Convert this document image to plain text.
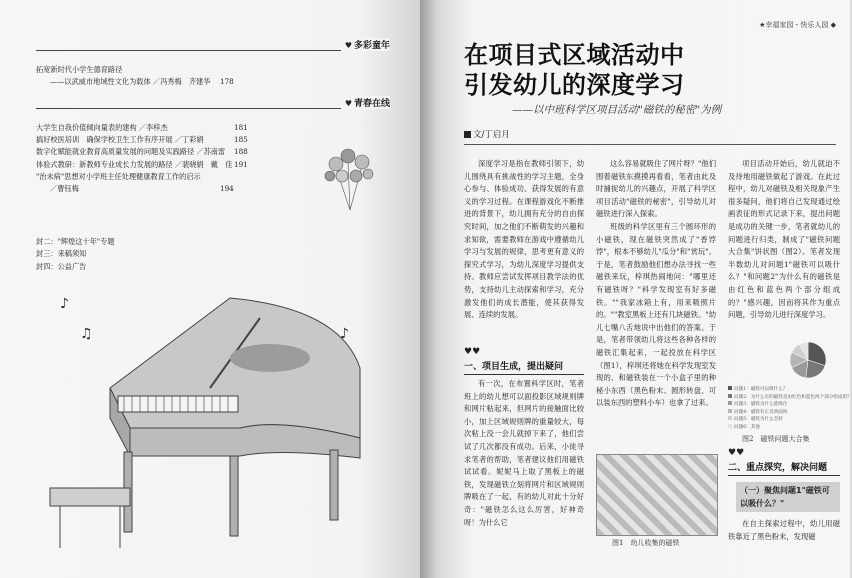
♥ 多彩童年
拓宽新时代小学生德育路径
——以武威市地域性文化为载体 ／冯秀梅　齐建华 178
♥ 青春在线
大学生自我价值倾向量表的建构 ／李梓杰	181
搞好校医培训　确保学校卫生工作有序开展 ／丁彩娟	185
数字化赋能就业教育高质量发展的问题及实践路径 ／苏南雷 188
体验式教研：新教师专业成长力发展的路径 ／裴晓娟　戴　佳 191
"治未病"思想对小学班主任处理健康教育工作的启示
／曹钰梅	194
封二："辉煌这十年"专题
封三：来稿须知
封四：公益广告
♪
♫	♪
★幸福家园・快乐人园 ◆
在项目式区域活动中
引发幼儿的深度学习
——以中班科学区项目活动"磁铁的秘密"为例
文/丁启月

深度学习是指在教师引领下，幼儿围绕具有挑战性的学习主题，全身心参与、体验成功、获得发展的有意义的学习过程。在课程游戏化不断推进的背景下，幼儿拥有充分的自由探究时间，加之他们不断萌发的兴趣和求知欲，需要教师在游戏中遵循幼儿学习与发展的规律，思考更有意义的探究式学习，为幼儿深度学习提供支持。教师应尝试发挥项目教学法的优势，支持幼儿主动探索和学习，充分激发他们的成长潜能，使其获得发展、连续的发展。

♥♥
一、项目生成，提出疑问

有一次，在布置科学区时，笔者班上的幼儿想可以面投影区域规则牌和网片粘起来，但网片的接触面比较小，加上区域规则牌的重量较大，每次粘上没一会儿就掉下来了，他们尝试了几次都没有成功。后来，小徒寻求笔者的帮助，笔者建议他们用磁铁试试看。妮妮马上取了黑板上的磁铁，发现磁铁立刻将网片和区域规则牌吸在了一起，有的幼儿对此十分好奇："磁铁怎么这么厉害，好神奇呀！为什么它

这么容易就吸住了网片呀？"他们围着磁铁东摸摸再看看，笔者由此及时捕捉幼儿的兴趣点，开展了科学区项目活动"磁铁的秘密"，引导幼儿对磁铁进行深入探索。

班级的科学区里有三个圆环形的小磁铁，现在磁铁突然成了"香饽饽"，根本不够幼儿"瓜分"和"赏玩"。于是，笔者鼓励他们想办法寻找一些磁铁来玩，梓琪热闹地问："哪里还有磁铁呀？"科学发现室有好多磁铁。""我家冰箱上有，用来吸照片的。""教室黑板上还有几块磁铁。"幼儿七嘴八舌地说中出他们的答案。于是，笔者带领幼儿将这些各种各样的磁铁汇集起来，一起投放在科学区（图1），梓琪还将她在科学发现室发现的、和磁铁装在一个小盒子里的种秘小东西（黑色粉末、圆形转盘、可以装东西的塑料小车）也拿了过来。

图1　幼儿收集的磁铁

项目活动开始后，幼儿就迫不及待地用磁铁做起了游戏。在此过程中，幼儿对磁铁及相关现象产生很多疑问，他们将自己发现通过绘画表征的形式记录下来，提出问题是成功的关键一步，笔者就幼儿的问题进行归类，制成了"磁铁问题大合集"饼状图（图2）。笔者发现半数幼儿对问题1"磁铁可以吸什么？"和问题2"为什么有的磁铁是由红色和蓝色两个部分组成的？"感兴趣，因而将其作为重点问题，引导幼儿进行深度学习。

问题1：磁铁可以吸什么？
问题2：为什么有的磁铁是由红色和蓝色两个部分组成的？
问题3：磁铁为什么能吸住
问题4：磁铁有正反两面吗
问题5：磁铁为什么会转
问题6：其他
图2　磁铁问题大合集
♥♥
二、重点探究，解决问题
（一）聚焦问题1"磁铁可以吸什么？"

在自主探索过程中，幼儿用磁铁靠近了黑色粉末，发现磁
